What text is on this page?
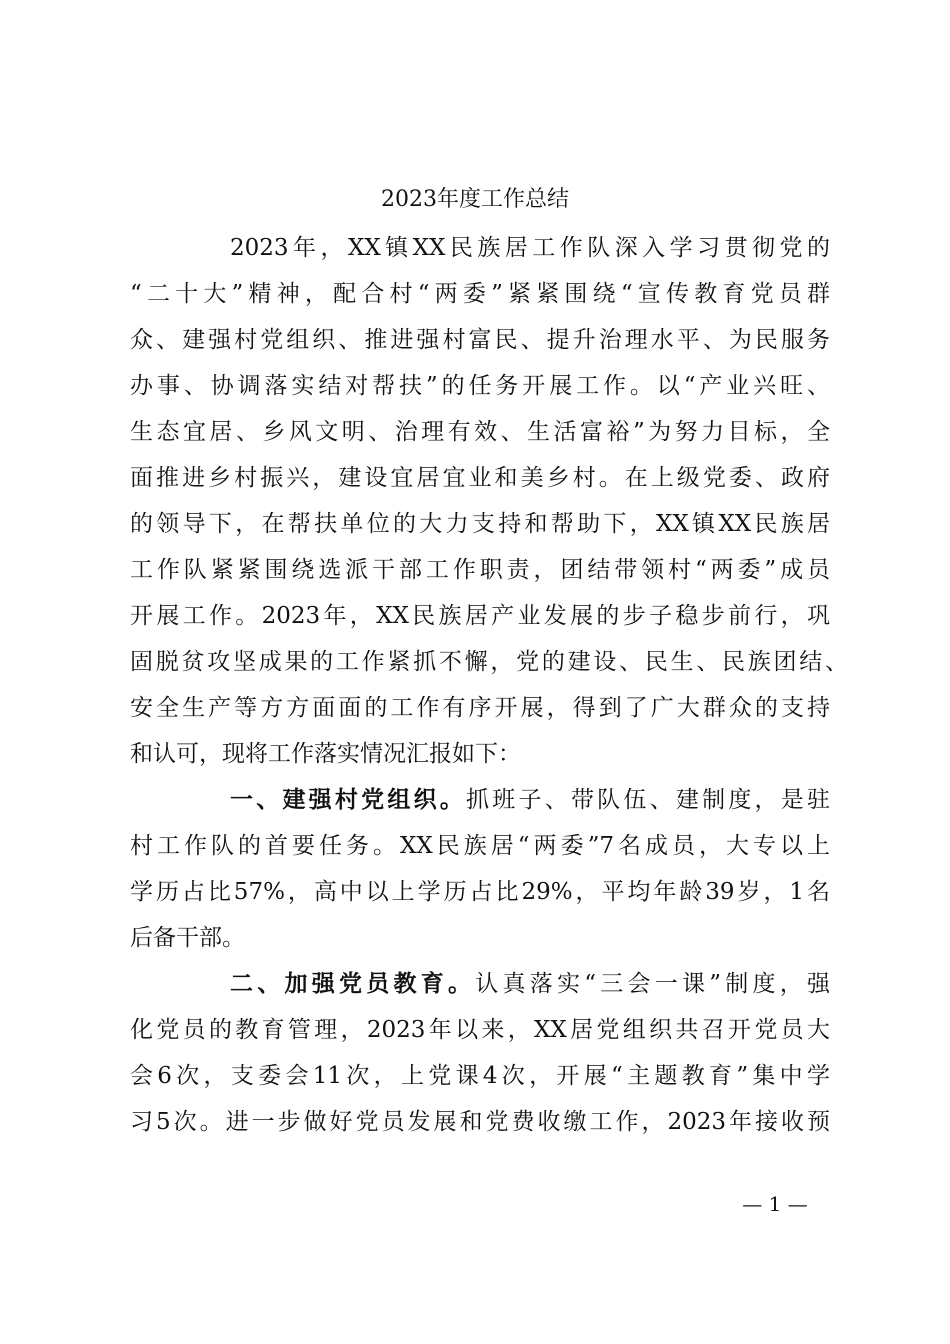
2023年度工作总结
2023年，XX镇XX民族居工作队深入学习贯彻党的
“二十大”精神，配合村“两委”紧紧围绕“宣传教育党员群
众、建强村党组织、推进强村富民、提升治理水平、为民服务
办事、协调落实结对帮扶”的任务开展工作。以“产业兴旺、
生态宜居、乡风文明、治理有效、生活富裕”为努力目标，全
面推进乡村振兴，建设宜居宜业和美乡村。在上级党委、政府
的领导下，在帮扶单位的大力支持和帮助下，XX镇XX民族居
工作队紧紧围绕选派干部工作职责，团结带领村“两委”成员
开展工作。2023年，XX民族居产业发展的步子稳步前行，巩
固脱贫攻坚成果的工作紧抓不懈，党的建设、民生、民族团结、
安全生产等方方面面的工作有序开展，得到了广大群众的支持
和认可，现将工作落实情况汇报如下：
一、建强村党组织。抓班子、带队伍、建制度，是驻
村工作队的首要任务。XX民族居“两委”7名成员，大专以上
学历占比57%，高中以上学历占比29%，平均年龄39岁，1名
后备干部。
二、加强党员教育。认真落实“三会一课”制度，强
化党员的教育管理，2023年以来，XX居党组织共召开党员大
会6次，支委会11次，上党课4次，开展“主题教育”集中学
习5次。进一步做好党员发展和党费收缴工作，2023年接收预
— 1 —
